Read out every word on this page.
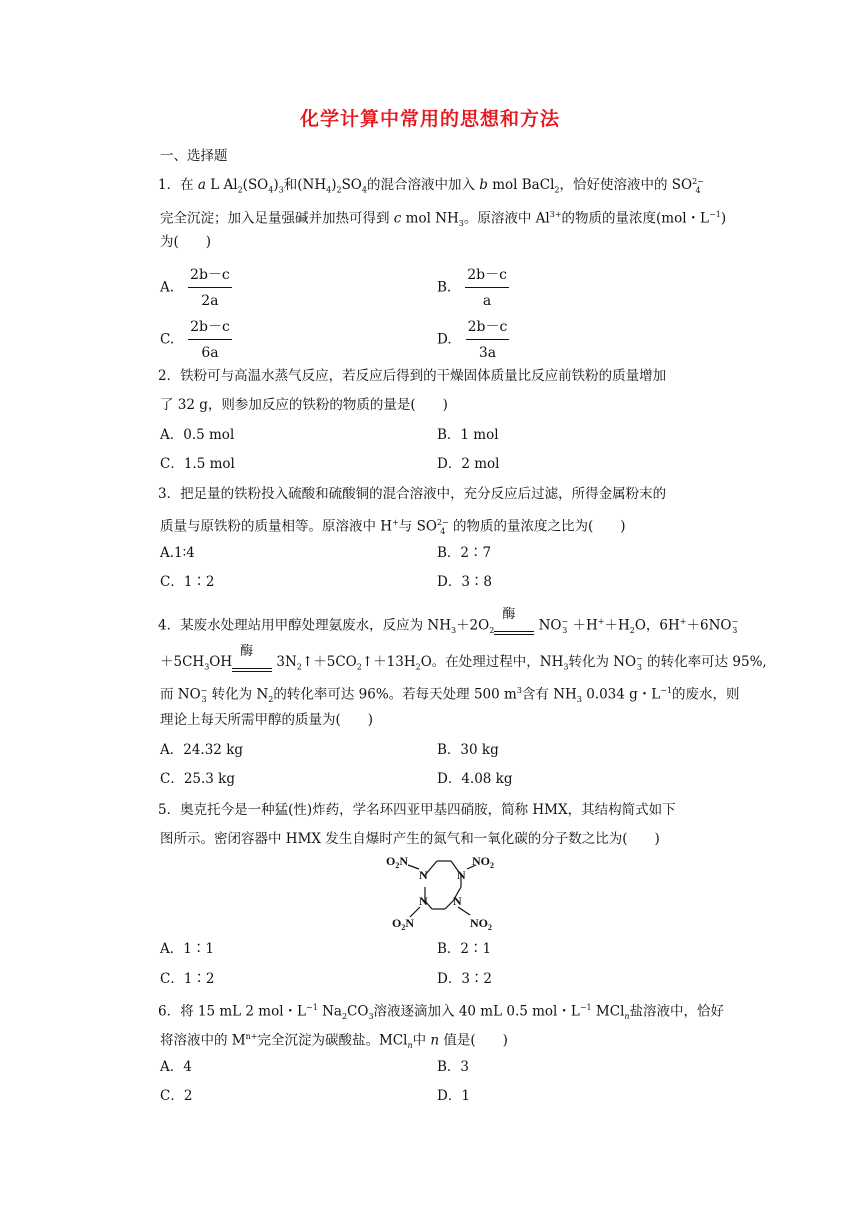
化学计算中常用的思想和方法
一、选择题
1．在 a L $Al_2(SO_4)_3$和$(NH_4)_2SO_4$的混合溶液中加入 b mol BaCl$_2$，恰好使溶液中的 SO2−
4
完全沉淀；加入足量强碱并加热可得到 c mol $NH_3$。原溶液中 $Al^{3+}$的物质的量浓度(mol・$L^{-1}$)
为(　　)
A. $\frac{2b-c}{2a}$	B. $\frac{2b-c}{a}$
C. $\frac{2b-c}{6a}$	D. $\frac{2b-c}{3a}$
2．铁粉可与高温水蒸气反应，若反应后得到的干燥固体质量比反应前铁粉的质量增加
了 32 g，则参加反应的铁粉的物质的量是(　　)
A．0.5 mol	B．1 mol
C．1.5 mol	D．2 mol
3．把足量的铁粉投入硫酸和硫酸铜的混合溶液中，充分反应后过滤，所得金属粉末的
质量与原铁粉的质量相等。原溶液中 H+与 SO2−
4 的物质的量浓度之比为(　　)
A.1∶4	B．2∶7
C．1∶2	D．3∶8
4．某废水处理站用甲醇处理氨废水，反应为 $NH_3+2O_2$
酶
NO−
$3 +H^++H_2O$，6H+＋6NO−
3
$+5CH_3OH$
酶
$3N_2↑+5CO_2↑+13H_2O$。在处理过程中，$NH_3$转化为 NO−
3 的转化率可达 95%,
而 NO−
3 转化为 $N_2$的转化率可达 96%。若每天处理 500 $m^3$含有 $NH_3$ 0.034 g・$L^{-1}$的废水，则
理论上每天所需甲醇的质量为(　　)
A．24.32 kg	B．30 kg
C．25.3 kg	D．4.08 kg
5．奥克托今是一种猛(性)炸药，学名环四亚甲基四硝胺，简称 HMX，其结构简式如下
图所示。密闭容器中 HMX 发生自爆时产生的氮气和一氧化碳的分子数之比为(　　)
N N
N N
$O_2N$	$NO_2$
$O_2N$	$NO_2$
A．1∶1	B．2∶1
C．1∶2	D．3∶2
6．将 15 mL 2 mol・$L^{-1}$ $Na_2CO_3$溶液逐滴加入 40 mL 0.5 mol・$L^{-1}$ MCl$_n$盐溶液中，恰好
将溶液中的 $M^{n+}$完全沉淀为碳酸盐。MCl$_n$中 n 值是(　　)
A．4	B．3
C．2	D．1
